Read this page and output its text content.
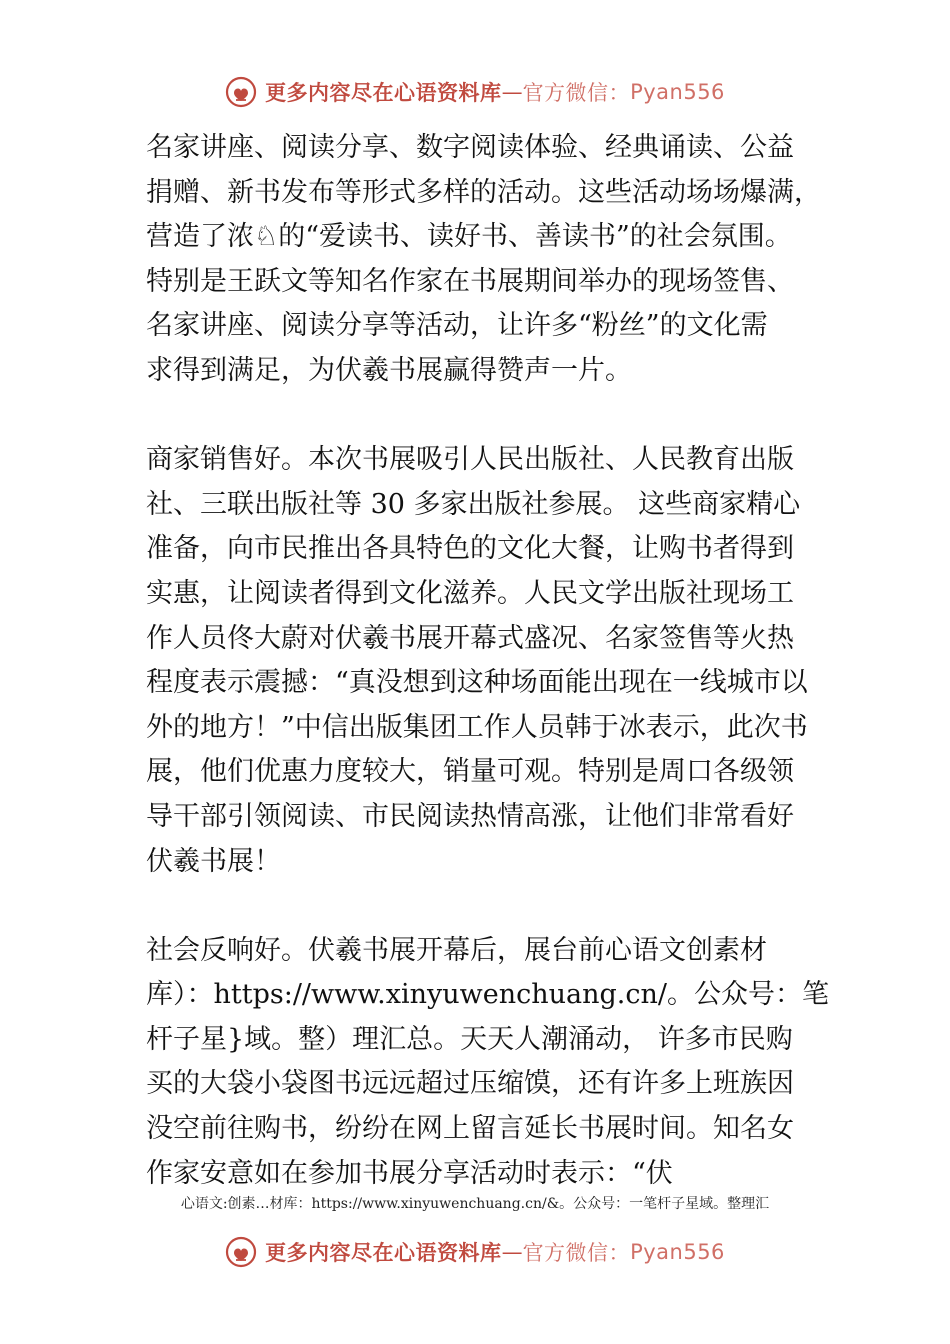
更多内容尽在心语资料库 — 官方微信： Pyan556
名家讲座、阅读分享、数字阅读体验、经典诵读、公益
捐赠、新书发布等形式多样的活动。这些活动场场爆满，
营造了浓♘的“爱读书、读好书、善读书”的社会氛围。
特别是王跃文等知名作家在书展期间举办的现场签售、
名家讲座、阅读分享等活动，让许多“粉丝”的文化需
求得到满足，为伏羲书展赢得赞声一片。
商家销售好。本次书展吸引人民出版社、人民教育出版
社、三联出版社等 30 多家出版社参展。 这些商家精心
准备，向市民推出各具特色的文化大餐，让购书者得到
实惠，让阅读者得到文化滋养。人民文学出版社现场工
作人员佟大蔚对伏羲书展开幕式盛况、名家签售等火热
程度表示震撼：“真没想到这种场面能出现在一线城市以
外的地方！”中信出版集团工作人员韩于冰表示，此次书
展，他们优惠力度较大，销量可观。特别是周口各级领
导干部引领阅读、市民阅读热情高涨，让他们非常看好
伏羲书展！
社会反响好。伏羲书展开幕后，展台前心语文创素材
库）：https://www.xinyuwenchuang.cn/。公众号：笔
杆子星}域。整）理汇总。天天人潮涌动， 许多市民购
买的大袋小袋图书远远超过压缩馍，还有许多上班族因
没空前往购书，纷纷在网上留言延长书展时间。知名女
作家安意如在参加书展分享活动时表示：“伏
心语文:创素…材库：https://www.xinyuwenchuang.cn/&。公众号：一笔杆子星域。整理汇
更多内容尽在心语资料库 — 官方微信： Pyan556
